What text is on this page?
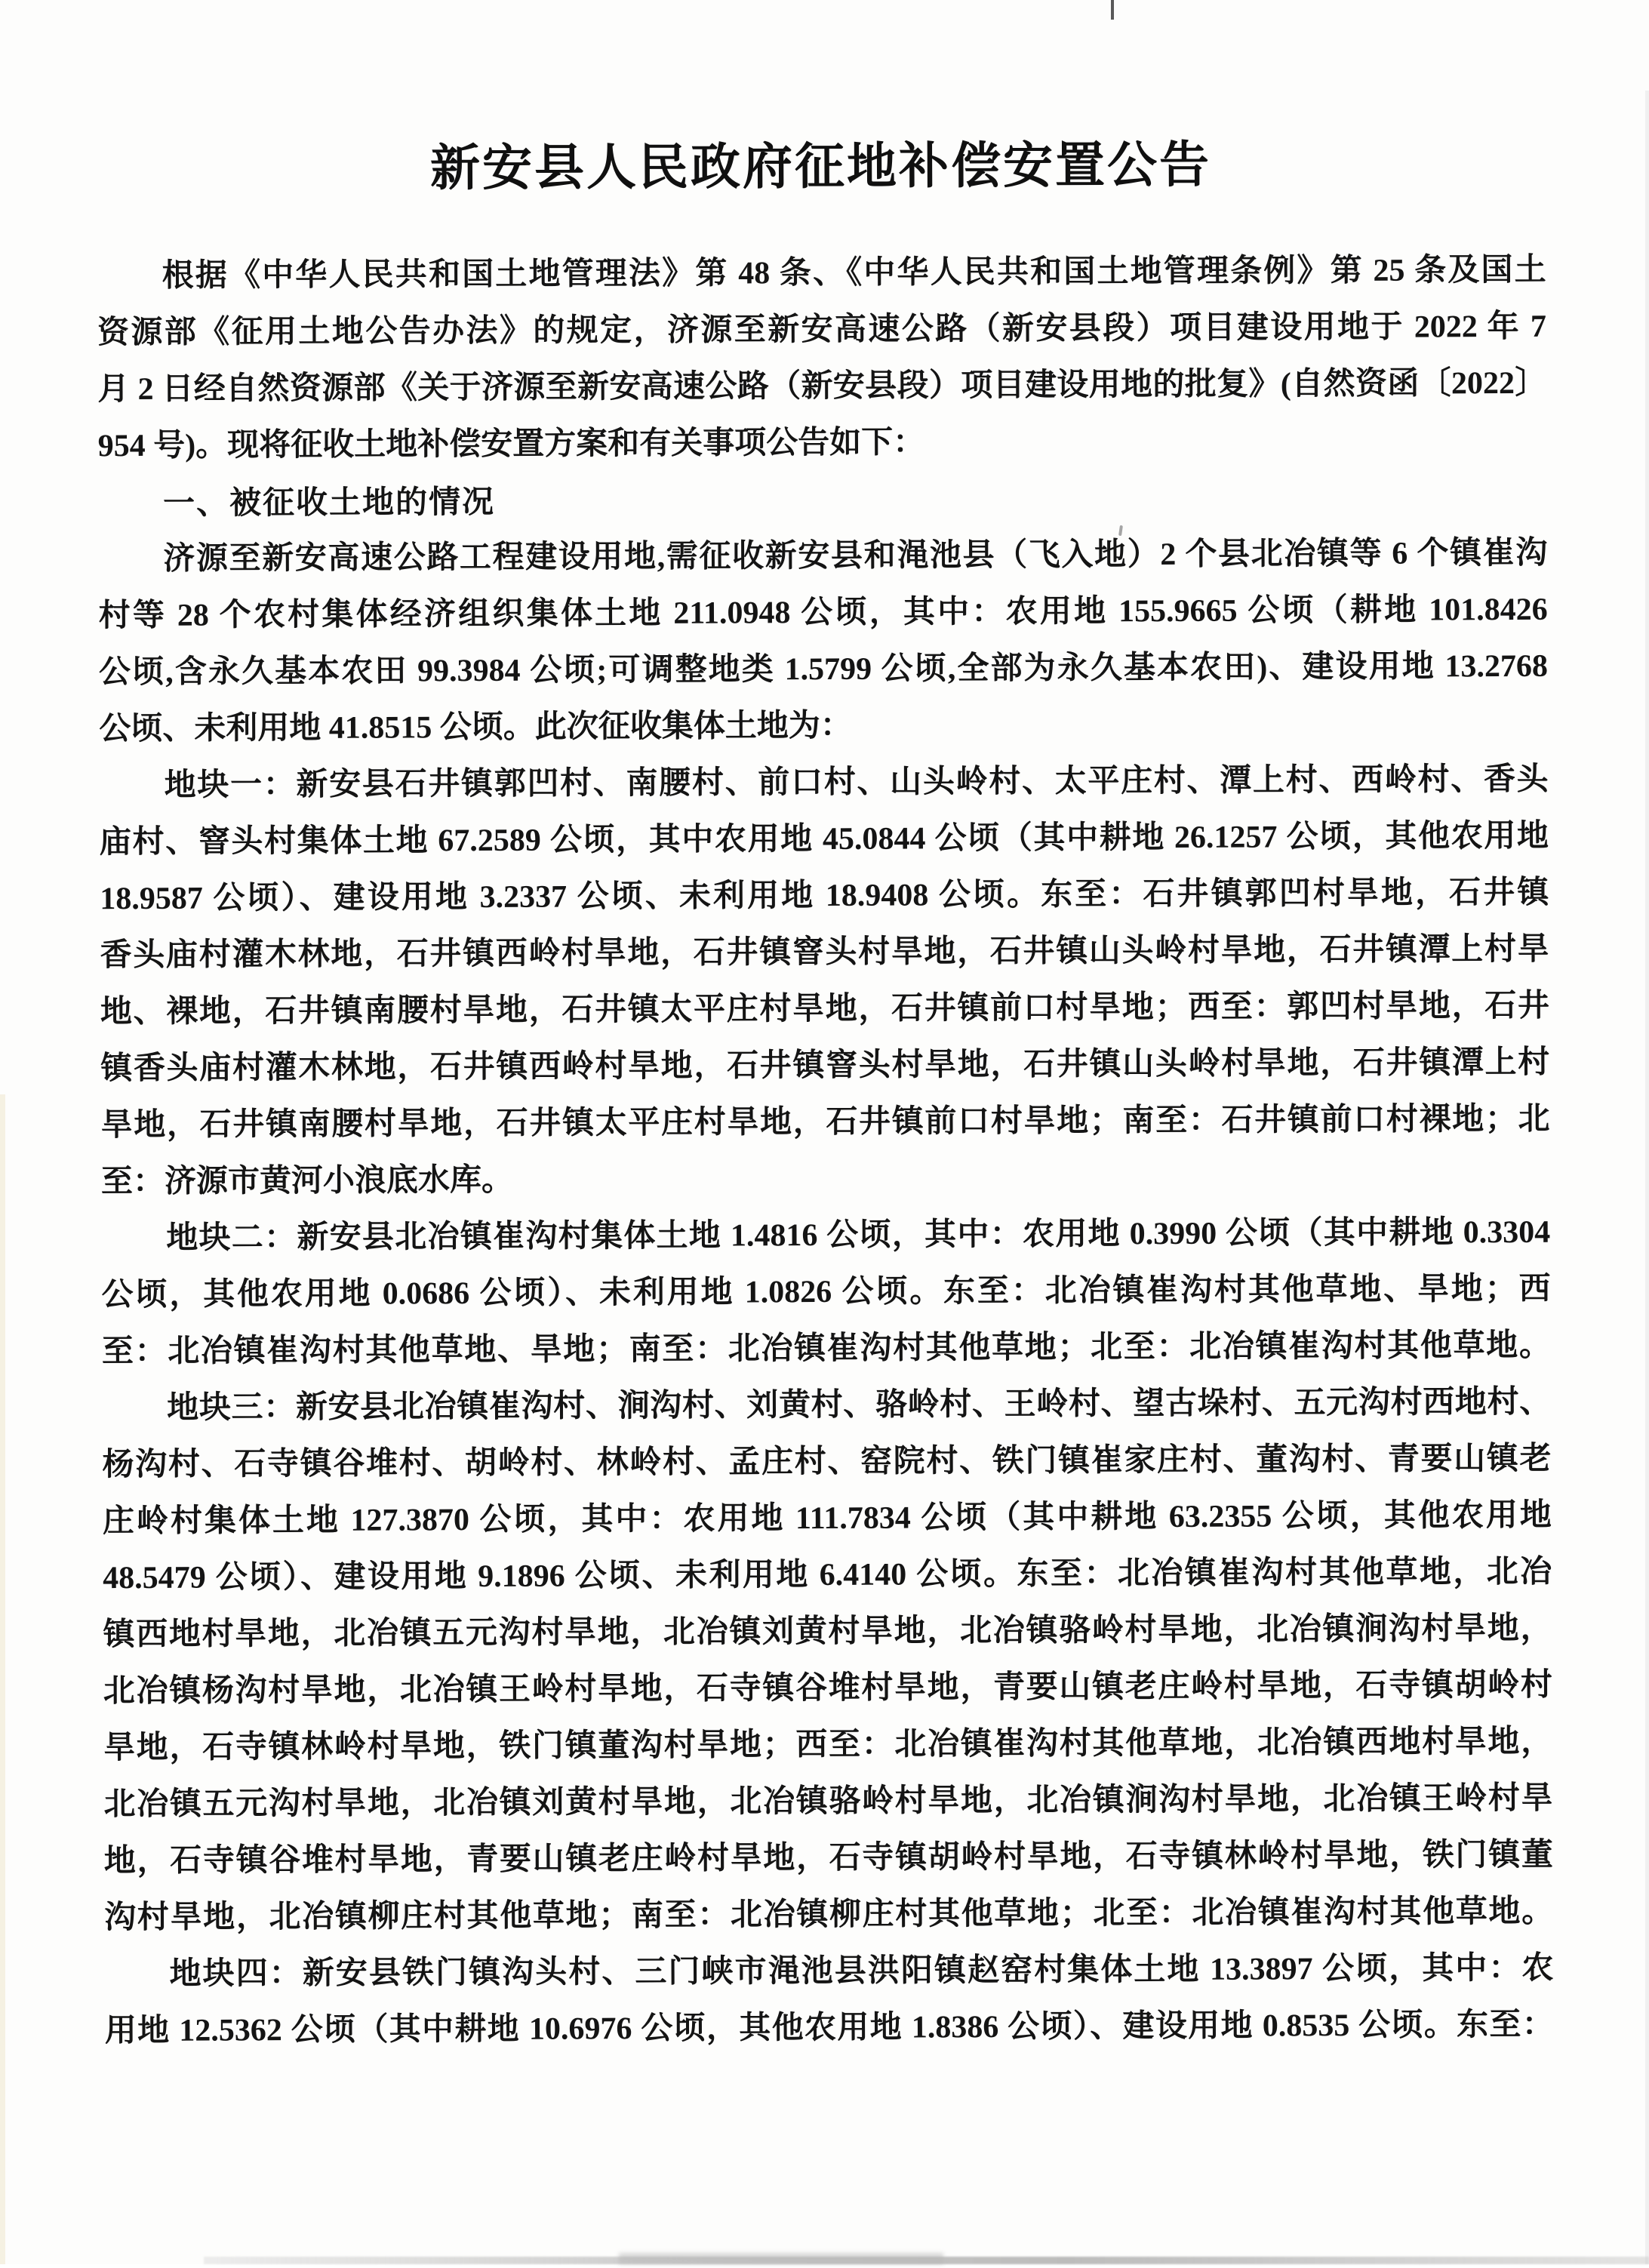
新安县人民政府征地补偿安置公告
根据《中华人民共和国土地管理法》第 48 条、《中华人民共和国土地管理条例》第 25 条及国土
资源部《征用土地公告办法》的规定，济源至新安高速公路（新安县段）项目建设用地于 2022 年 7
月 2 日经自然资源部《关于济源至新安高速公路（新安县段）项目建设用地的批复》(自然资函〔2022〕
954 号)。现将征收土地补偿安置方案和有关事项公告如下：
一、被征收土地的情况
济源至新安高速公路工程建设用地,需征收新安县和渑池县（飞入地）2 个县北冶镇等 6 个镇崔沟
村等 28 个农村集体经济组织集体土地 211.0948 公顷，其中：农用地 155.9665 公顷（耕地 101.8426
公顷,含永久基本农田 99.3984 公顷;可调整地类 1.5799 公顷,全部为永久基本农田)、建设用地 13.2768
公顷、未利用地 41.8515 公顷。此次征收集体土地为：
地块一：新安县石井镇郭凹村、南腰村、前口村、山头岭村、太平庄村、潭上村、西岭村、香头
庙村、窨头村集体土地 67.2589 公顷，其中农用地 45.0844 公顷（其中耕地 26.1257 公顷，其他农用地
18.9587 公顷）、建设用地 3.2337 公顷、未利用地 18.9408 公顷。东至：石井镇郭凹村旱地，石井镇
香头庙村灌木林地，石井镇西岭村旱地，石井镇窨头村旱地，石井镇山头岭村旱地，石井镇潭上村旱
地、裸地，石井镇南腰村旱地，石井镇太平庄村旱地，石井镇前口村旱地；西至：郭凹村旱地，石井
镇香头庙村灌木林地，石井镇西岭村旱地，石井镇窨头村旱地，石井镇山头岭村旱地，石井镇潭上村
旱地，石井镇南腰村旱地，石井镇太平庄村旱地，石井镇前口村旱地；南至：石井镇前口村裸地；北
至：济源市黄河小浪底水库。
地块二：新安县北冶镇崔沟村集体土地 1.4816 公顷，其中：农用地 0.3990 公顷（其中耕地 0.3304
公顷，其他农用地 0.0686 公顷）、未利用地 1.0826 公顷。东至：北冶镇崔沟村其他草地、旱地；西
至：北冶镇崔沟村其他草地、旱地；南至：北冶镇崔沟村其他草地；北至：北冶镇崔沟村其他草地。
地块三：新安县北冶镇崔沟村、涧沟村、刘黄村、骆岭村、王岭村、望古垛村、五元沟村西地村、
杨沟村、石寺镇谷堆村、胡岭村、林岭村、孟庄村、窑院村、铁门镇崔家庄村、董沟村、青要山镇老
庄岭村集体土地 127.3870 公顷，其中：农用地 111.7834 公顷（其中耕地 63.2355 公顷，其他农用地
48.5479 公顷）、建设用地 9.1896 公顷、未利用地 6.4140 公顷。东至：北冶镇崔沟村其他草地，北冶
镇西地村旱地，北冶镇五元沟村旱地，北冶镇刘黄村旱地，北冶镇骆岭村旱地，北冶镇涧沟村旱地，
北冶镇杨沟村旱地，北冶镇王岭村旱地，石寺镇谷堆村旱地，青要山镇老庄岭村旱地，石寺镇胡岭村
旱地，石寺镇林岭村旱地，铁门镇董沟村旱地；西至：北冶镇崔沟村其他草地，北冶镇西地村旱地，
北冶镇五元沟村旱地，北冶镇刘黄村旱地，北冶镇骆岭村旱地，北冶镇涧沟村旱地，北冶镇王岭村旱
地，石寺镇谷堆村旱地，青要山镇老庄岭村旱地，石寺镇胡岭村旱地，石寺镇林岭村旱地，铁门镇董
沟村旱地，北冶镇柳庄村其他草地；南至：北冶镇柳庄村其他草地；北至：北冶镇崔沟村其他草地。
地块四：新安县铁门镇沟头村、三门峡市渑池县洪阳镇赵窑村集体土地 13.3897 公顷，其中：农
用地 12.5362 公顷（其中耕地 10.6976 公顷，其他农用地 1.8386 公顷）、建设用地 0.8535 公顷。东至：
